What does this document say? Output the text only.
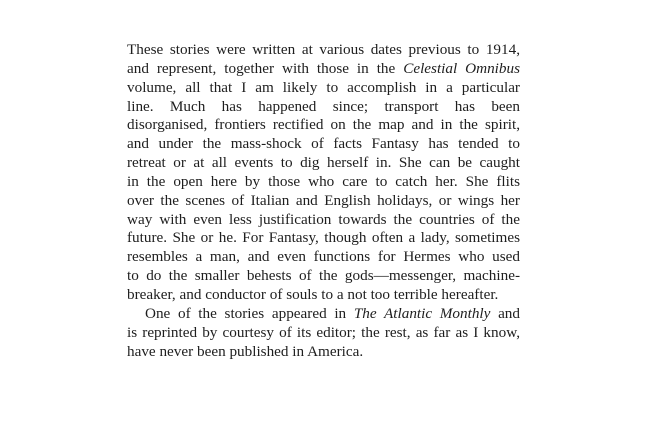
These stories were written at various dates previous to 1914,
and represent, together with those in the Celestial Omnibus
volume, all that I am likely to accomplish in a particular
line. Much has happened since; transport has been
disorganised, frontiers rectified on the map and in the spirit,
and under the mass-shock of facts Fantasy has tended to
retreat or at all events to dig herself in. She can be caught
in the open here by those who care to catch her. She flits
over the scenes of Italian and English holidays, or wings her
way with even less justification towards the countries of the
future. She or he. For Fantasy, though often a lady, sometimes
resembles a man, and even functions for Hermes who used
to do the smaller behests of the gods—messenger, machine-
breaker, and conductor of souls to a not too terrible hereafter.
One of the stories appeared in The Atlantic Monthly and
is reprinted by courtesy of its editor; the rest, as far as I know,
have never been published in America.
